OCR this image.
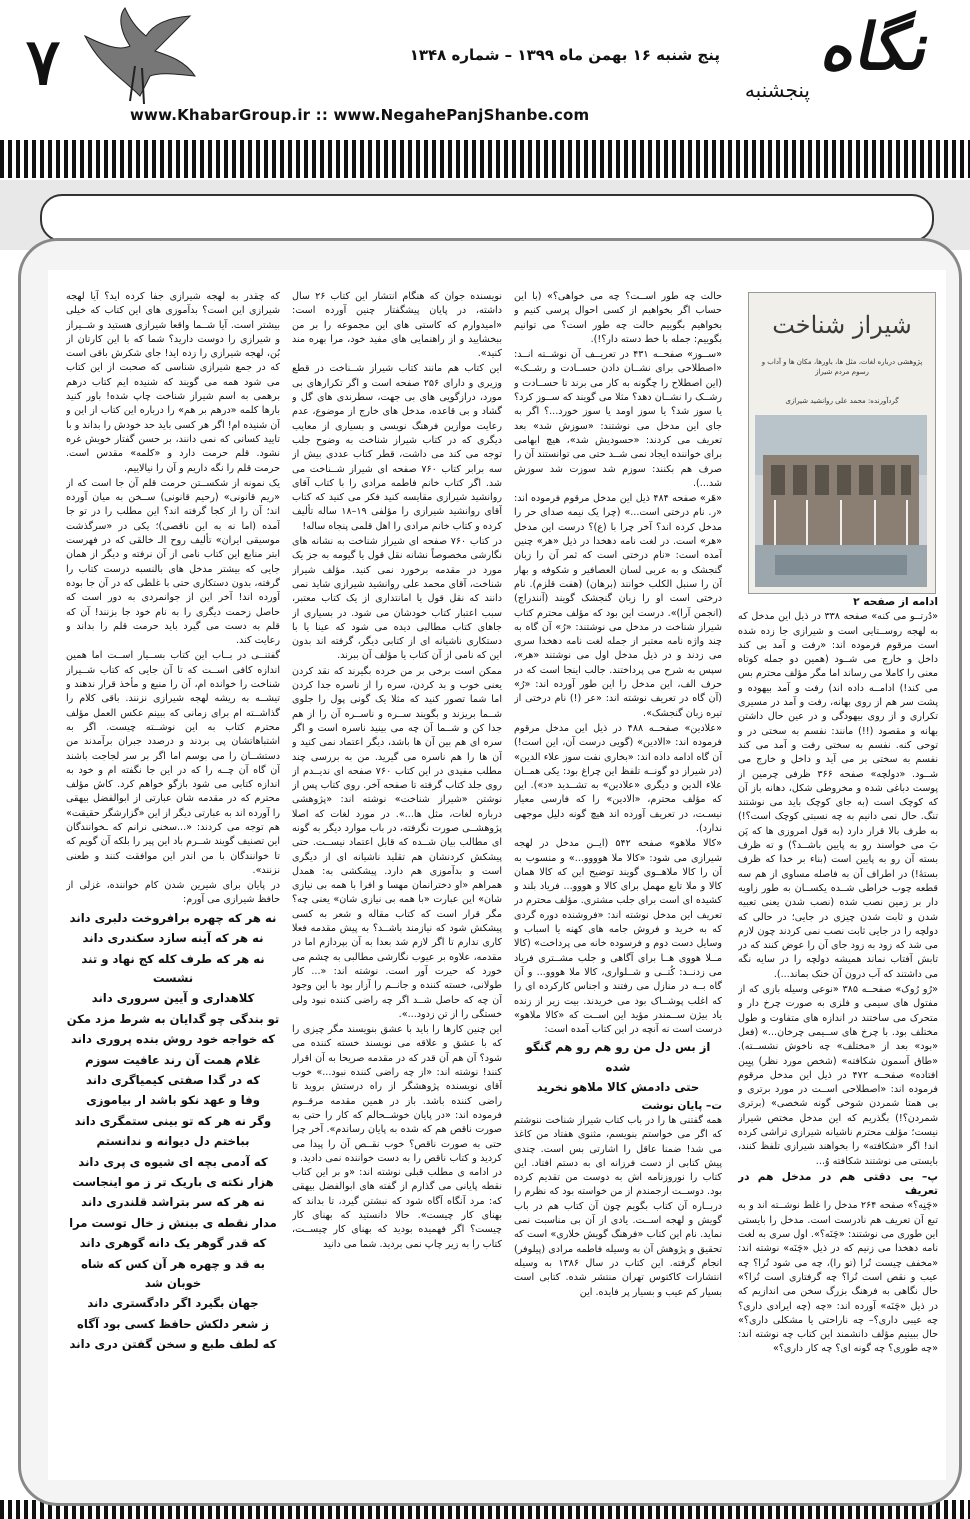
۷	نگاه
پنجشنبه
پنج شنبه ۱۶ بهمن ماه ۱۳۹۹ – شماره ۱۳۴۸
www.KhabarGroup.ir :: www.NegahePanjShanbe.com
شیراز شناخت
پژوهشی درباره لغات، مثل ها، باورها، مکان ها و آداب و رسوم مردم شیراز
گردآورنده: محمد علی روانشید شیرازی

ادامه از صفحه ۲

«دُرتــو می کنه» صفحه ۳۳۸ در ذیل این مدخل که به لهجه روســتایی است و شیرازی جا زده شده است مرقوم فرموده اند: «رفت و آمد بی کند داخل و خارج می شــود (همین دو جمله کوتاه معنی را کاملا می رساند اما مگر مؤلف محترم بس می کند!) ادامــه داده اند) رفت و آمد بیهوده و پشت سر هم از روی بهانه، رفت و آمد در مسیری تکراری و از روی بیهودگی و در عین حال داشتن بهانه و مقصود (!!) مانند: نفسم به سختی در و توحی کنه. نفسم به سختی رفت و آمد می کند نفسم به سختی بر می آید و داخل و خارج می شــود. «دولچه» صفحه ۳۶۶ ظرفی چرمین از پوست دباغی شده و مخروطی شکل، دهانه باز آن که کوچک است (به جای کوچک باید می نوشتند تنگ. حال نمی دانیم به چه نسبتی کوچک است؟!) به طرف بالا قرار دارد (به قول امروزی ها که پَن بَ می خواسند رو به پایین باشــد؟) و ته ظرف بسته آن رو به پایین است (بناء بر خدا که ظرف بستۀ!) در اطراف آن به فاصله مساوی از هم سه قطعه چوب خراطی شــده یکســان به طور زاویه دار بر زمین نصب شده (نصب شدن یعنی تعبیه شدن و ثابت شدن چیزی در جایی؛ در حالی که دولچه را در جایی ثابت نصب نمی کردند چون لازم می شد که زود به زود جای آن را عوض کنند که در تابش آفتاب نماند همیشه دولچه را در سایه نگه می داشتند که آب درون آن خنک بماند...).

«رُو رُوک» صفحــه ۳۸۵ «نوعی وسیله بازی که از مفتول های سیمی و فلزی به صورت چرخ دار و متحرک می ساختند در اندازه های متفاوت و طول مختلف بود. با چرخ های ســیمی چرخان...» (فعل «بود» بعد از «مختلف» چه ناخوش نشســته). «طاق آسمون شکافته» (شخص مورد نظر) پیِین افتاده» صفحــه ۴۷۲ در ذیل این مدخل مرقوم فرموده اند: «اصطلاحی اســت در مورد برتری و بی همتا شمردن شوخی گونه شخصی» (برتری شمردن؟!) بگذریم که این مدخل مختص شیراز نیست؛ مؤلف محترم ناشیانه شیرازی تراشی کرده اند! اگر «شکافته» را بخواهند شیرازی تلفظ کنند، بایستی می نوشتند شکافته وُ...

پ– بی دقتی هم در مدخل هم در تعریف

«چَنِه؟» صفحه ۲۶۴ مدخل را غلط نوشــته اند و به تبع آن تعریف هم نادرست است. مدخل را بایستی این طوری می نوشتند: «چَنَه؟». اول سری به لغت نامه دهخدا می زنیم که در ذیل «چَنَه» نوشته اند: «مخفف چیست تُرا (تو را)، چه می شود تُرا؟ چه عیب و نقص است تُرا؟ چه گرفتاری است تُرا؟» حال نگاهی به فرهنگ بزرگ سخن می اندازیم که در ذیل «چَنَه» آورده اند: «چه (چه ایرادی داری؟ چه عیبی داری؟– چه ناراحتی یا مشکلی داری؟» حال ببینیم مؤلف دانشمند این کتاب چه نوشته اند: «چه طوری؟ چه گونه ای؟ چه کار داری؟»

حالت چه طور اســت؟ چه می خواهی؟» (با این حساب اگر بخواهیم از کسی احوال پرسی کنیم و بخواهیم بگوییم حالت چه طور است؟ می توانیم بگوییم: جمله با خط دسته دار؟!).

«ســوز» صفحــه ۴۳۱ در تعریــف آن نوشــته انــد: «اصطلاحی برای نشــان دادن حســادت و رشــک» (این اصطلاح را چگونه به کار می برند تا حســادت و رشــک را نشــان دهد؟ مثلا می گویند که ســوز کرد؟ یا سوز شد؟ یا سوز اومد یا سوز خورد...؟ اگر به جای این مدخل می نوشتند: «سوزش شد» بعد تعریف می کردند: «حسودیش شد»، هیچ ابهامی برای خواننده ایجاد نمی شــد حتی می توانستند آن را صرف هم بکنند: سوزم شد سوزت شد سوزش شد...).

«هَر» صفحه ۴۸۴ ذیل این مدخل مرقوم فرموده اند: «ر. نام درختی است...» (چرا یک نیمه صدای حر را مدخل کرده اند؟ آخر چرا با (ع)؟ درست این مدخل «هر» است. در لغت نامه دهخدا در ذیل «هر» چنین آمده است: «نام درختی است که ثمر آن را زبان گنجشک و به عربی لسان العصافیر و شکوفه و بهار آن را سنبل الکلب خوانند (برهان) (هفت قلزم). نام درختی است او را زبان گنجشک گویند (آنندراج) (انجمن آرا)». درست این بود که مؤلف محترم کتاب شیراز شناخت در مدخل می نوشتند: «رُ» آن گاه به چند واژه نامه معتبر از جمله لغت نامه دهخدا سری می زدند و در ذیل مدخل اول می نوشتند «هر»، سپس به شرح می پرداختند. جالب اینجا است که در حرف الف، این مدخل را این طور آورده اند: «رُ» (آن گاه در تعریف نوشته اند: «عر (!) نام درختی از تیره زبان گنجشک».

«علادین» صفحــه ۴۸۸ در ذیل این مدخل مرقوم فرموده اند: «الادین» (گویی درست آن، این است!) آن گاه ادامه داده اند: «بخاری نفت سوز علاء الدین» (در شیراز دو گونــه تلفظ این چراغ بود: یکی همــان علاء الدین و دیگری «علادین» به تشــدید «د»). این که مؤلف محترم، «الادین» را که فارسی معیار نیسـت، در تعریف آورده اند هیچ گونه دلیل موجهی ندارد).

«کالا ملاهو» صفحه ۵۴۲ (ایــن مدخل در لهجه شیرازی می شود: «کالا ملا هوووو...» و منسوب به آن را کالا ملاهــوی گویند توضیح این که کالا همان کالا و ملا تابع مهمل برای کالا و هووو... فریاد بلند و کشیده ای است برای جلب مشتری. مؤلف محترم در تعریف این مدخل نوشته اند: «فروشنده دوره گردی که به خرید و فروش جامه های کهنه یا اسباب و وسایل دست دوم و فرسوده خانه می پرداخت» (کالا مــلا هووی هــا برای آگاهی و جلب مشــتری فریاد می زدنــد: کُتــی و شــلواری، کالا ملا هووو... و آن گاه بــه در منازل می رفتند و اجناس کارکرده ای را که اغلب پوشــاک بود می خریدند. بیت زیر از زنده یاد بیژن ســمندر مؤید این اســت که «کالا ملاهو» درست است نه آنچه در این کتاب آمده است:

از بس دل من رو هم رو هم گنگو شده

حتی دادمش کالا ملاهو نخرید

ت– پایان نوشت

همه گفتنی ها را در باب کتاب شیراز شناخت ننوشتم که اگر می خواستم بنویسم، مثنوی هفتاد من کاغذ می شد! ضمنا عاقل را اشارتی بس است. چندی پیش کتابی از دست فرزانه ای به دستم افتاد. این کتاب را نوروزنامه اش به دوست من تقدیم کرده بود. دوســت ارجمندم از من خواسته بود که نظرم را دربــاره آن کتاب بگویم چون آن کتاب هم در باب گویش و لهجه اســت. یادی از آن بی مناسبت نمی نماید. نام این کتاب «فرهنگ گویش خلاری» است که تحقیق و پژوهش آن به وسیله فاطمه مرادی (پیلوفر) انجام گرفته. این کتاب در سال ۱۳۸۶ به وسیله انتشارات کاکتوس تهران منتشر شده. کتابی است بسیار کم عیب و بسیار پر فایده. این

نویسنده جوان که هنگام انتشار این کتاب ۲۶ سال داشته، در پایان پیشگفتار چنین آورده است: «امیدوارم که کاستی های این مجموعه را بر من ببخشایید و از راهنمایی های مفید خود، مرا بهره مند کنید».

این کتاب هم مانند کتاب شیراز شــناخت در قطع وزیری و دارای ۲۵۶ صفحه است و اگر تکرارهای بی مورد، درازگویی های بی جهت، سطرندی های گل و گشاد و بی قاعده، مدخل های خارج از موضوع، عدم رعایت موازین فرهنگ نویسی و بسیاری از معایب دیگری که در کتاب شیراز شناخت به وضوح جلب توجه می کند می داشت، قطر کتاب عددی بیش از سه برابر کتاب ۷۶۰ صفحه ای شیراز شــناخت می شد. اگر کتاب خانم فاطمه مرادی را با کتاب آقای روانشید شیرازی مقایسه کنید فکر می کنید که کتاب آقای روانشید شیرازی را مؤلفی ۱۹–۱۸ ساله تألیف کرده و کتاب خانم مرادی را اهل قلمی پنجاه ساله!

در کتاب ۷۶۰ صفحه ای شیراز شناخت به نشانه های نگارشی مخصوصاً نشانه نقل قول یا گیومه به جز یک مورد در مقدمه برخورد نمی کنید. مؤلف شیراز شناخت، آقای محمد علی روانشید شیرازی شاید نمی دانند که نقل قول یا امانتداری از یک کتاب معتبر، سبب اعتبار کتاب خودشان می شود. در بسیاری از جاهای کتاب مطالبی دیده می شود که عینا یا با دستکاری ناشیانه ای از کتابی دیگر، گرفته اند بدون این که نامی از آن کتاب یا مؤلف آن ببرند.

ممکن است برخی بر من خرده بگیرند که نقد کردن یعنی خوب و بد کردن، سره را از ناسره جدا کردن اما شما تصور کنید که مثلا یک گونی پول را جلوی شــما بریزند و بگویند ســره و ناســره آن را از هم جدا کن و شــما آن چه می بینید ناسره است و اگر سره ای هم بین آن ها باشد، دیگر اعتماد نمی کنید و آن ها را هم ناسره می گیرید. من به بررسی چند مطلب مفیدی در این کتاب ۷۶۰ صفحه ای ندیــدم از روی جلد کتاب گرفته تا صفحه آخر. روی کتاب پس از نوشتن «شیراز شناخت» نوشته اند: «پژوهشی درباره لغات، مثل ها...». در مورد لغات که اصلا پژوهشــی صورت نگرفته، در باب موارد دیگر به گونه ای مطالب بیان شــده که قابل اعتماد نیســت. حتی پیشکش کردنشان هم تقلید ناشیانه ای از دیگری است و بدآموزی هم دارد. پیشکشی به: همدل همراهم «او دخترانمان مهسا و افرا با همه بی نیازی شان» این عبارت «با همه بی نیازی شان» یعنی چه؟ مگر قرار است که کتاب مقاله و شعر به کسی پیشکش شود که نیازمند باشــد؟ به پیش مقدمه فعلا کاری ندارم تا اگر لازم شد بعدا به آن بپردازم اما در مقدمه، علاوه بر عیوب نگارشی مطالبی به چشم می خورد که حیرت آور است. نوشته اند: «... کار طولانی، خسته کننده و جانــم را آزار بود با این وجود آن چه که حاصل شــد اگر چه راضی کننده نبود ولی خستگی را از تن زدود...».

این چنین کارها را باید با عشق بنویسند مگر چیزی را که با عشق و علاقه می نویسند خسته کننده می شود؟ آن هم آن قدر که در مقدمه صریحا به آن اقرار کنند! نوشته اند: «از چه راضی کننده نبود...» خوب آقای نویسنده پژوهشگر از راه درستش بروید تا راضی کننده باشد. باز در همین مقدمه مرقــوم فرموده اند: «در پایان خوشــحالم که کار را حتی به صورت ناقص هم که شده به پایان رساندم». آخر چرا حتی به صورت ناقص؟ خوب نقــص آن را پیدا می کردید و کتاب ناقص را به دست خواننده نمی دادید. و در ادامه ی مطلب قبلی نوشته اند: «و بر این کتاب نقطه پایانی می گذارم از گفته های ابوالفضل بیهقی که: مرد آنگاه آگاه شود که نبشتن گیرد، تا بداند که بهنای کار چیست». حالا دانستید که بهنای کار چیست؟ اگر فهمیده بودید که بهنای کار چیســت، کتاب را به زیر چاپ نمی بردید. شما می دانید

که چقدر به لهجه شیرازی جفا کرده اید؟ آیا لهجه شیرازی این است؟ بدآموزی های این کتاب که خیلی بیشتر است. آیا شــما واقعا شیرازی هستید و شــیراز و شیرازی را دوست دارید؟ شما که با این کارتان از بُن، لهجه شیرازی را زده اید! جای شکرش باقی است که در جمع شیرازی شناسی که صحبت از این کتاب می شود همه می گویند که شنیده ایم کتاب درهم برهمی به اسم شیراز شناخت چاپ شده! باور کنید بارها کلمه «درهم بر هم» را درباره این کتاب از این و آن شنیده ام! اگر هر کسی باید حد خودش را بداند و با تایید کسانی که نمی دانند، بر حسن گفتار خویش غره نشود. قلم حرمت دارد و «کلمه» مقدس است. حرمت قلم را نگه داریم و آن را نیالاییم.

یک نمونه از شکســتن حرمت قلم آن جا است که از «ریم قانونی» (رحیم قانونی) ســخن به میان آورده اند؛ آن را از کجا گرفته اند؟ این مطلب را در تو جا آمده (اما نه به این ناقصی)؛ یکی در «سرگذشت موسیقی ایران» تألیف روح الـ خالقی که در فهرست ابتر منابع این کتاب نامی از آن نرفته و دیگر از همان جایی که بیشتر مدخل های بالنسبه درست کتاب را گرفته، بدون دستکاری حتی با غلطی که در آن جا بوده آورده اند! آخر این از جوانمردی به دور است که حاصل زحمت دیگری را به نام خود جا بزنند! آن که قلم به دست می گیرد باید حرمت قلم را بداند و رعایت کند.

گفتنــی در بــاب این کتاب بســیار اســت اما همین اندازه کافی اســت که تا آن جایی که کتاب شــیراز شناخت را خوانده ام، آن را منبع و مأخذ قرار ندهند و تیشــه به ریشه لهجه شیرازی نزنند. باقی کلام را گذاشــته ام برای زمانی که ببینم عکس العمل مؤلف محترم کتاب به این نوشــته چیست. اگر به اشتباهاتشان پی بردند و درصدد جبران برآمدند من دستشــان را می بوسم اما اگر بر سر لجاجت باشند آن گاه آن چــه را که در این جا نگفته ام و خود به اندازه کتابی می شود بازگو خواهم کرد. کاش مؤلف محترم که در مقدمه شان عبارتی از ابوالفضل بیهقی را آورده اند به عبارتی دیگر از این «گزارشگر حقیقت» هم توجه می کردند: «...سخنی نرانم که ـخوانندگان این تصنیف گویند شــرم باد این پیر را بلکه آن گویم که تا خوانندگان با من اندر این موافقت کنند و طعنی نزنند».

در پایان برای شیرین شدن کام خواننده، غزلی از حافظ شیرازی می آورم:

نه هر که چهره برافروخت دلبری داند

نه هر که آینه سازد سکندری داند

نه هر که طرف کله کج نهاد و تند نشست

کلاهداری و آیین سروری داند

تو بندگی چو گدایان به شرط مزد مکن

که خواجه خود روش بنده پروری داند

غلام همت آن رند عافیت سوزم

که در گدا صفتی کیمیاگری داند

وفا و عهد نکو باشد ار بیاموزی

وگر نه هر که تو بینی ستمگری داند

بباختم دل دیوانه و ندانستم

که آدمی بچه ای شیوه ی پری داند

هزار نکته ی باریک تر ز مو اینجاست

نه هر که سر بتراشد قلندری داند

مدار نقطه ی بینش ز خال توست مرا

که قدر گوهر یک دانه گوهری داند

به قد و چهره هر آن کس که شاه خوبان شد

جهان بگیرد اگر دادگستری داند

ز شعر دلکش حافظ کسی بود آگاه

که لطف طبع و سخن گفتن دری داند
